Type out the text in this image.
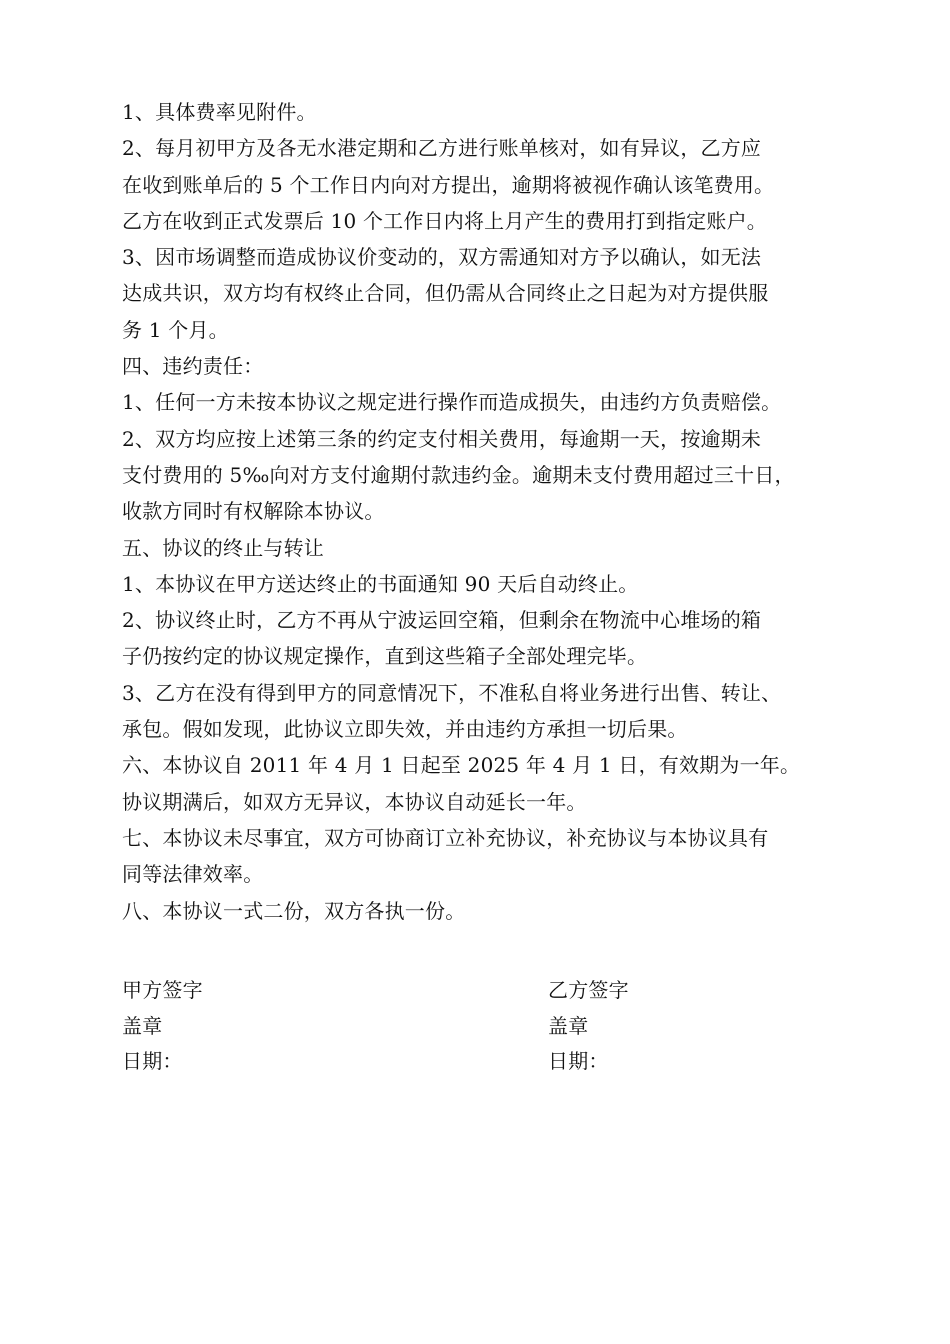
1、具体费率见附件。
2、每月初甲方及各无水港定期和乙方进行账单核对，如有异议，乙方应
在收到账单后的 5 个工作日内向对方提出，逾期将被视作确认该笔费用。
乙方在收到正式发票后 10 个工作日内将上月产生的费用打到指定账户。
3、因市场调整而造成协议价变动的，双方需通知对方予以确认，如无法
达成共识，双方均有权终止合同，但仍需从合同终止之日起为对方提供服
务 1 个月。
四、违约责任：
1、任何一方未按本协议之规定进行操作而造成损失，由违约方负责赔偿。
2、双方均应按上述第三条的约定支付相关费用，每逾期一天，按逾期未
支付费用的 5‰向对方支付逾期付款违约金。逾期未支付费用超过三十日，
收款方同时有权解除本协议。
五、协议的终止与转让
1、本协议在甲方送达终止的书面通知 90 天后自动终止。
2、协议终止时，乙方不再从宁波运回空箱，但剩余在物流中心堆场的箱
子仍按约定的协议规定操作，直到这些箱子全部处理完毕。
3、乙方在没有得到甲方的同意情况下，不准私自将业务进行出售、转让、
承包。假如发现，此协议立即失效，并由违约方承担一切后果。
六、本协议自 2011 年 4 月 1 日起至 2025 年 4 月 1 日，有效期为一年。
协议期满后，如双方无异议，本协议自动延长一年。
七、本协议未尽事宜，双方可协商订立补充协议，补充协议与本协议具有
同等法律效率。
八、本协议一式二份，双方各执一份。
甲方签字
盖章
日期：
乙方签字
盖章
日期：
